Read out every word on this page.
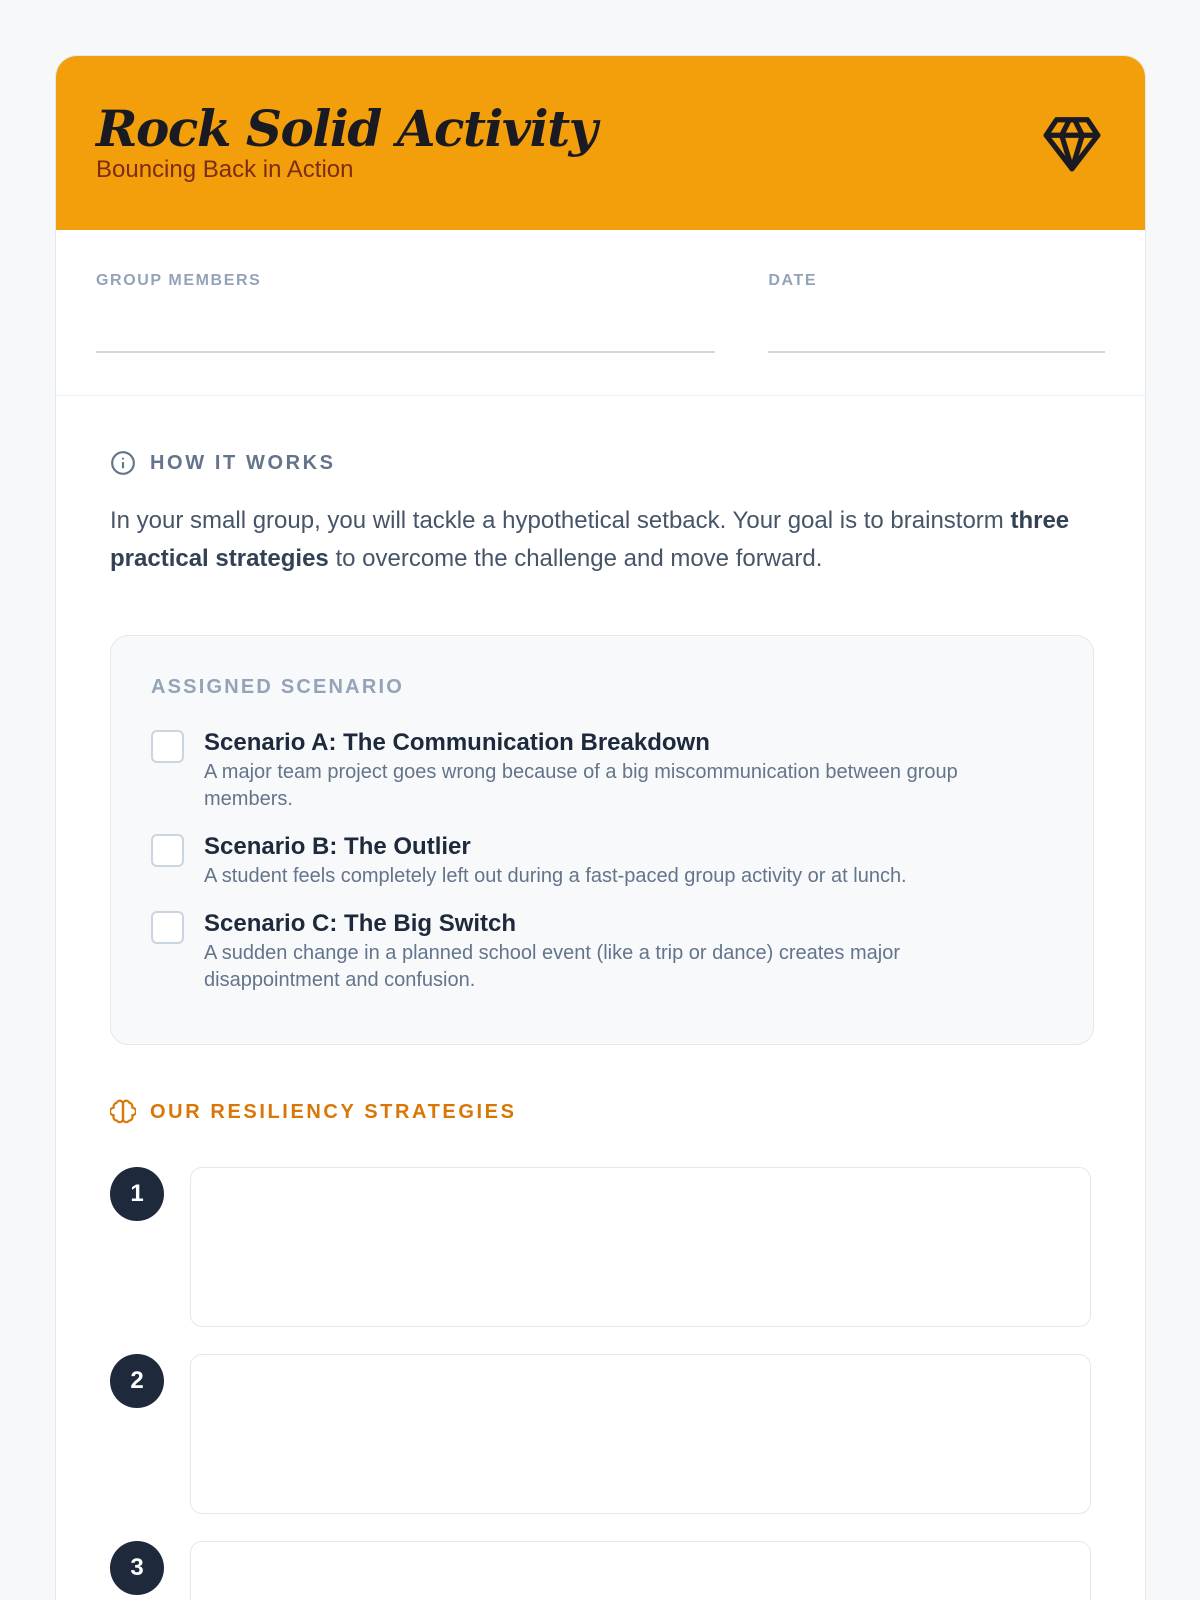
Rock Solid Activity
Bouncing Back in Action
GROUP MEMBERS	DATE
HOW IT WORKS

In your small group, you will tackle a hypothetical setback. Your goal is to brainstorm three practical strategies to overcome the challenge and move forward.

ASSIGNED SCENARIO
Scenario A: The Communication Breakdown
A major team project goes wrong because of a big miscommunication between group members.
Scenario B: The Outlier
A student feels completely left out during a fast-paced group activity or at lunch.
Scenario C: The Big Switch
A sudden change in a planned school event (like a trip or dance) creates major disappointment and confusion.
OUR RESILIENCY STRATEGIES
1
2
3
